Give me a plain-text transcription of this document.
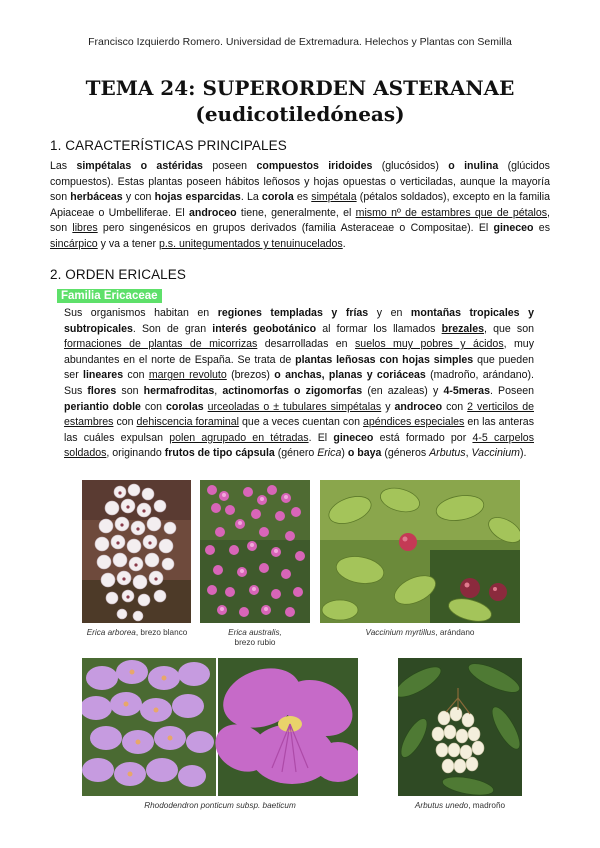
Francisco Izquierdo Romero. Universidad de Extremadura. Helechos y Plantas con Semilla
TEMA 24: SUPERORDEN ASTERANAE
(eudicotiledóneas)
1. CARACTERÍSTICAS PRINCIPALES
Las simpétalas o astéridas poseen compuestos iridoides (glucósidos) o inulina (glúcidos compuestos). Estas plantas poseen hábitos leñosos y hojas opuestas o verticiladas, aunque la mayoría son herbáceas y con hojas esparcidas. La corola es simpétala (pétalos soldados), excepto en la familia Apiaceae o Umbelliferae. El androceo tiene, generalmente, el mismo nº de estambres que de pétalos, son libres pero singenésicos en grupos derivados (familia Asteraceae o Compositae). El gineceo es sincárpico y va a tener p.s. unitegumentados y tenuinucelados.
2. ORDEN ERICALES
Familia Ericaceae
Sus organismos habitan en regiones templadas y frías y en montañas tropicales y subtropicales. Son de gran interés geobotánico al formar los llamados brezales, que son formaciones de plantas de micorrizas desarrolladas en suelos muy pobres y ácidos, muy abundantes en el norte de España. Se trata de plantas leñosas con hojas simples que pueden ser lineares con margen revoluto (brezos) o anchas, planas y coriáceas (madroño, arándano). Sus flores son hermafroditas, actinomorfas o zigomorfas (en azaleas) y 4-5meras. Poseen periantio doble con corolas urceoladas o ± tubulares simpétalas y androceo con 2 verticilos de estambres con dehiscencia foraminal que a veces cuentan con apéndices especiales en las anteras las cuáles expulsan polen agrupado en tétradas. El gineceo está formado por 4-5 carpelos soldados, originando frutos de tipo cápsula (género Erica) o baya (géneros Arbutus, Vaccinium).
Erica arborea, brezo blanco	Erica australis,
brezo rubio
Vaccinium myrtillus, arándano
Rhododendron ponticum subsp. baeticum	Arbutus unedo, madroño
